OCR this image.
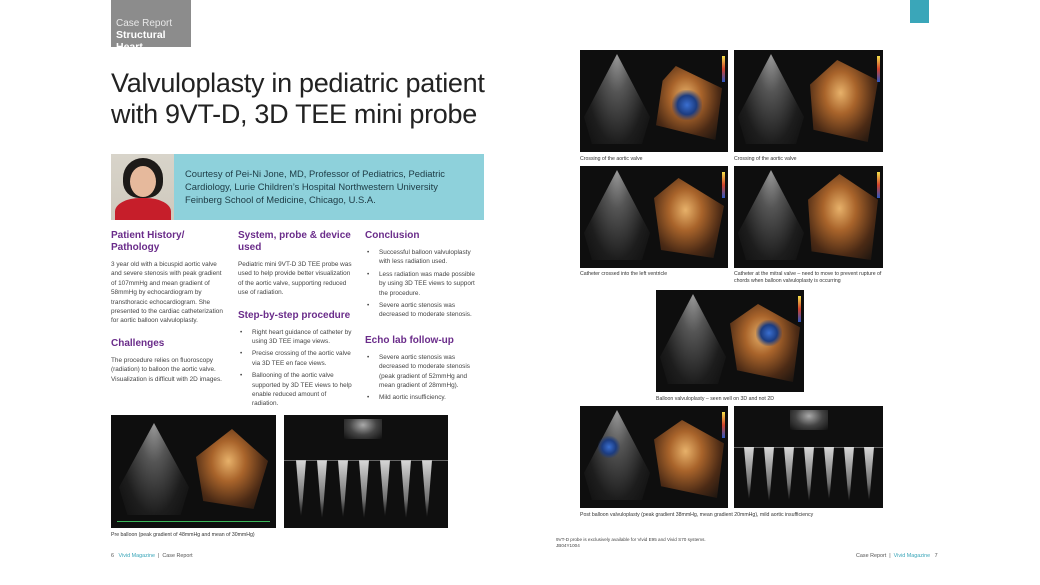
Case Report
Structural Heart
Valvuloplasty in pediatric patient with 9VT-D, 3D TEE mini probe
Courtesy of Pei-Ni Jone, MD, Professor of Pediatrics, Pediatric Cardiology, Lurie Children’s Hospital Northwestern University Feinberg School of Medicine, Chicago, U.S.A.
Patient History/ Pathology

3 year old with a bicuspid aortic valve and severe stenosis with peak gradient of 107mmHg and mean gradient of 58mmHg by echocardiogram by transthoracic echocardiogram. She presented to the cardiac catheterization for aortic balloon valvuloplasty.

Challenges

The procedure relies on fluoroscopy (radiation) to balloon the aortic valve. Visualization is difficult with 2D images.

System, probe & device used

Pediatric mini 9VT-D 3D TEE probe was used to help provide better visualization of the aortic valve, supporting reduced use of radiation.

Step-by-step procedure
• Right heart guidance of catheter by using 3D TEE image views.
• Precise crossing of the aortic valve via 3D TEE en face views.
• Ballooning of the aortic valve supported by 3D TEE views to help enable reduced amount of radiation.
Conclusion
• Successful balloon valvuloplasty with less radiation used.
• Less radiation was made possible by using 3D TEE views to support the procedure.
• Severe aortic stenosis was decreased to moderate stenosis.
Echo lab follow-up
• Severe aortic stenosis was decreased to moderate stenosis (peak gradient of 52mmHg and mean gradient of 28mmHg).
• Mild aortic insufficiency.
Pre balloon (peak gradient of 48mmHg and mean of 30mmHg)
6 Vivid Magazine  |  Case Report
Crossing of the aortic valve	Crossing of the aortic valve
Catheter crossed into the left ventricle	Catheter at the mitral valve – need to move to prevent rupture of chords when balloon valvuloplasty is occurring
Balloon valvuloplasty – seen well on 3D and not 2D
Post balloon valvuloplasty (peak gradient 38mmHg, mean gradient 20mmHg), mild aortic insufficiency
9VT-D probe is exclusively available for Vivid E95 and Vivid S70 systems.
JB04Y1004
Case Report  |  Vivid Magazine 7
